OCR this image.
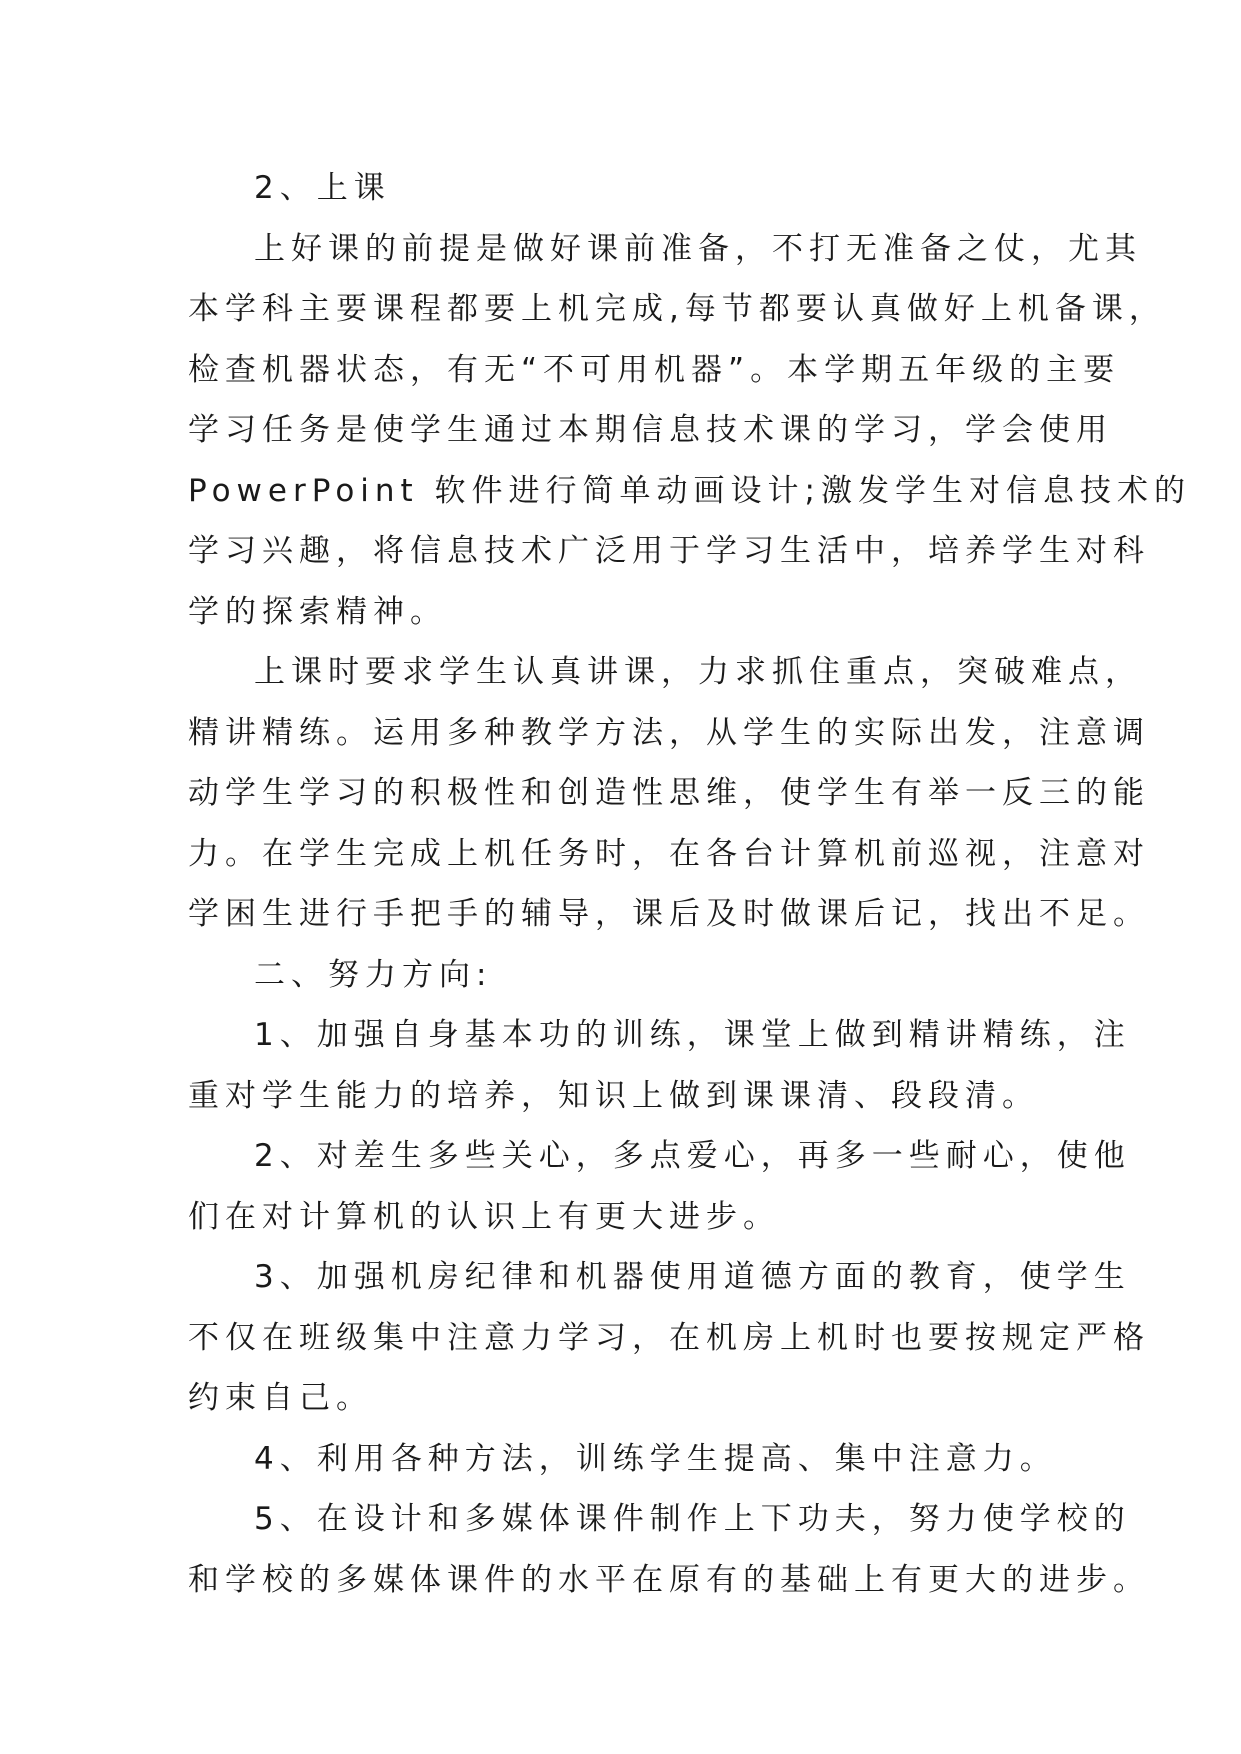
2、上课
上好课的前提是做好课前准备，不打无准备之仗，尤其
本学科主要课程都要上机完成,每节都要认真做好上机备课，
检查机器状态，有无“不可用机器”。本学期五年级的主要
学习任务是使学生通过本期信息技术课的学习，学会使用
PowerPoint 软件进行简单动画设计;激发学生对信息技术的
学习兴趣，将信息技术广泛用于学习生活中，培养学生对科
学的探索精神。
上课时要求学生认真讲课，力求抓住重点，突破难点，
精讲精练。运用多种教学方法，从学生的实际出发，注意调
动学生学习的积极性和创造性思维，使学生有举一反三的能
力。在学生完成上机任务时，在各台计算机前巡视，注意对
学困生进行手把手的辅导，课后及时做课后记，找出不足。
二、努力方向:
1、加强自身基本功的训练，课堂上做到精讲精练，注
重对学生能力的培养，知识上做到课课清、段段清。
2、对差生多些关心，多点爱心，再多一些耐心，使他
们在对计算机的认识上有更大进步。
3、加强机房纪律和机器使用道德方面的教育，使学生
不仅在班级集中注意力学习，在机房上机时也要按规定严格
约束自己。
4、利用各种方法，训练学生提高、集中注意力。
5、在设计和多媒体课件制作上下功夫，努力使学校的
和学校的多媒体课件的水平在原有的基础上有更大的进步。
